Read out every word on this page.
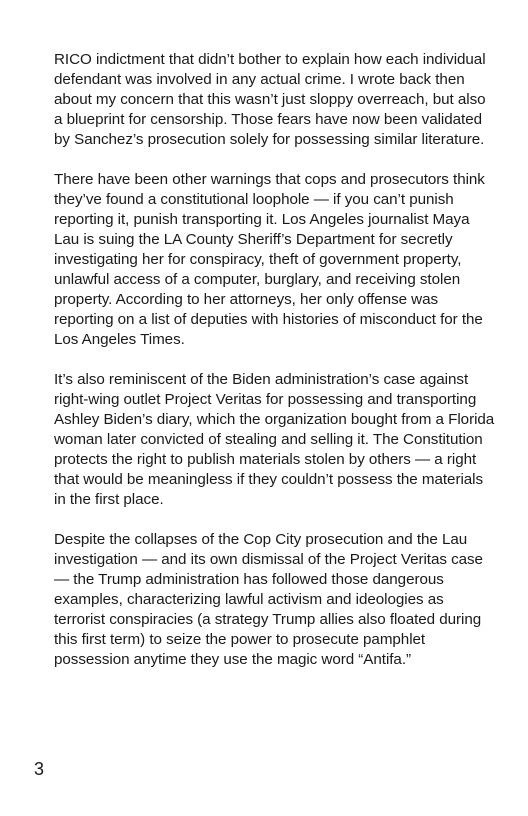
RICO indictment that didn’t bother to explain how each individual defendant was involved in any actual crime. I wrote back then about my concern that this wasn’t just sloppy overreach, but also a blueprint for censorship. Those fears have now been validated by Sanchez’s prosecution solely for possessing similar literature.

There have been other warnings that cops and prosecutors think they’ve found a constitutional loophole — if you can’t punish reporting it, punish transporting it. Los Angeles journalist Maya Lau is suing the LA County Sheriff’s Department for secretly investigating her for conspiracy, theft of government property, unlawful access of a computer, burglary, and receiving stolen property. According to her attorneys, her only offense was reporting on a list of deputies with histories of misconduct for the Los Angeles Times.

It’s also reminiscent of the Biden administration’s case against right-wing outlet Project Veritas for possessing and transporting Ashley Biden’s diary, which the organization bought from a Florida woman later convicted of stealing and selling it. The Constitution protects the right to publish materials stolen by others — a right that would be meaningless if they couldn’t possess the materials in the first place.

Despite the collapses of the Cop City prosecution and the Lau investigation — and its own dismissal of the Project Veritas case — the Trump administration has followed those dangerous examples, characterizing lawful activism and ideologies as terrorist conspiracies (a strategy Trump allies also floated during this first term) to seize the power to prosecute pamphlet possession anytime they use the magic word “Antifa.”

3
